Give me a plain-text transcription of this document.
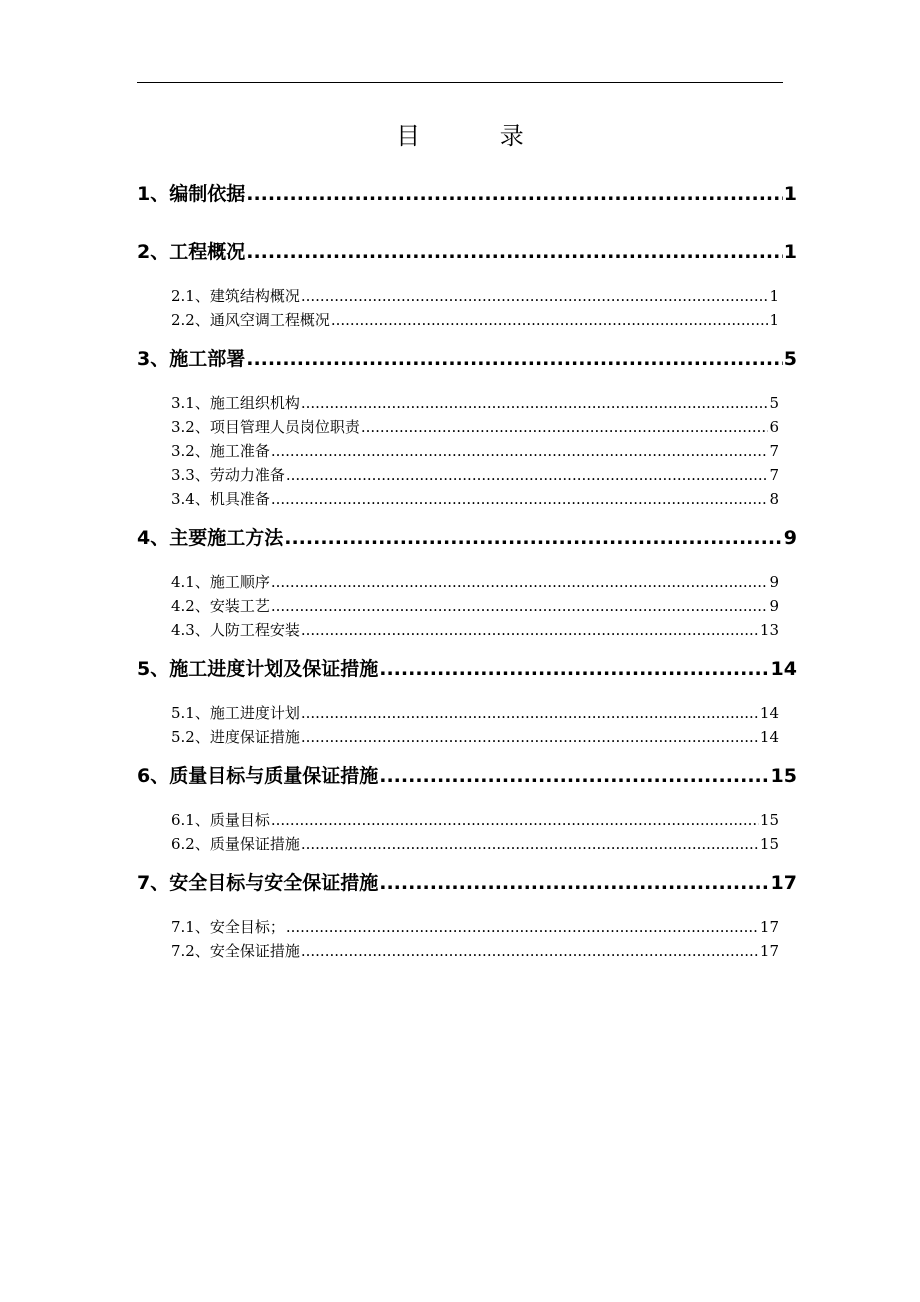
目 录
1、编制依据 .....	1
2、工程概况 .....	1
2.1、建筑结构概况 .....	1
2.2、通风空调工程概况 .....	1
3、施工部署 .....	5
3.1、施工组织机构 .....	5
3.2、项目管理人员岗位职责 .....	6
3.2、施工准备 .....	7
3.3、劳动力准备 .....	7
3.4、机具准备 .....	8
4、主要施工方法 .....	9
4.1、施工顺序 .....	9
4.2、安装工艺 .....	9
4.3、人防工程安装 .....	13
5、施工进度计划及保证措施 .....	14
5.1、施工进度计划 .....	14
5.2、进度保证措施 .....	14
6、质量目标与质量保证措施 .....	15
6.1、质量目标 .....	15
6.2、质量保证措施 .....	15
7、安全目标与安全保证措施 .....	17
7.1、安全目标； .....	17
7.2、安全保证措施 .....	17
